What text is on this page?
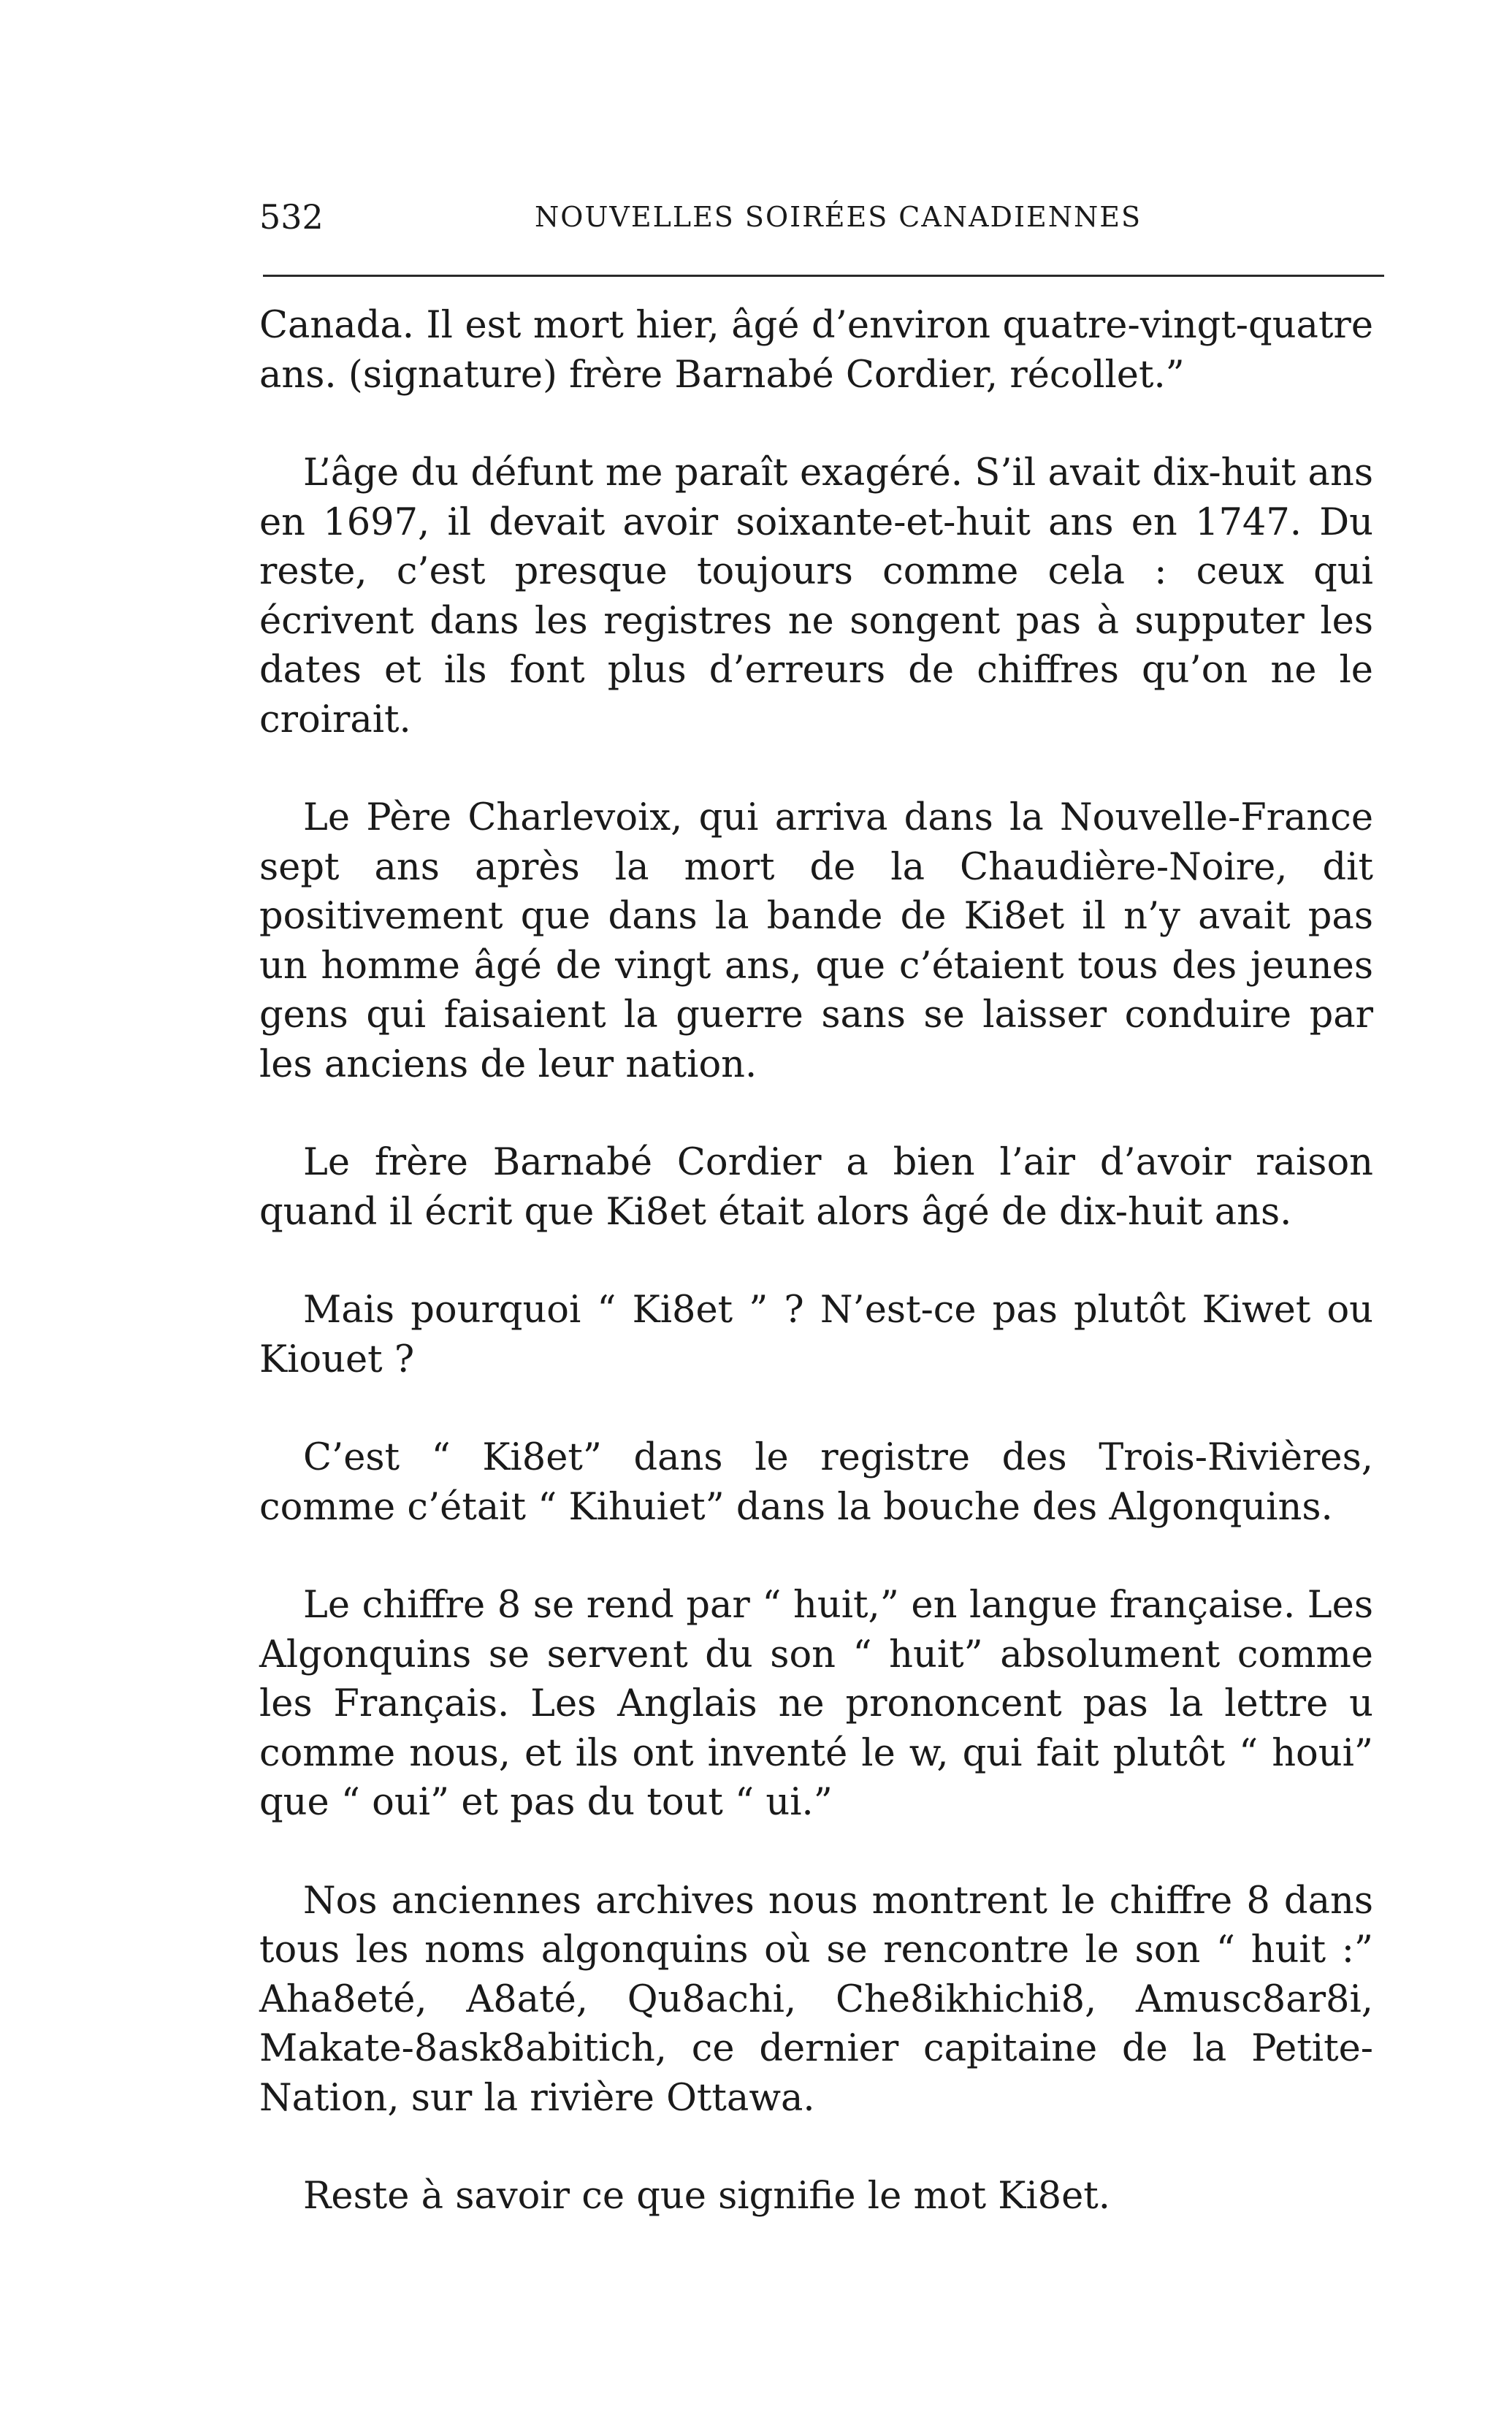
532	NOUVELLES SOIRÉES CANADIENNES

Canada. Il est mort hier, âgé d’environ quatre-vingt-quatre ans. (signature) frère Barnabé Cordier, récollet.”

L’âge du défunt me paraît exagéré. S’il avait dix-huit ans en 1697, il devait avoir soixante-et-huit ans en 1747. Du reste, c’est presque toujours comme cela : ceux qui écrivent dans les registres ne songent pas à supputer les dates et ils font plus d’erreurs de chiffres qu’on ne le croirait.

Le Père Charlevoix, qui arriva dans la Nouvelle-France sept ans après la mort de la Chaudière-Noire, dit positivement que dans la bande de Ki8et il n’y avait pas un homme âgé de vingt ans, que c’étaient tous des jeunes gens qui faisaient la guerre sans se laisser conduire par les anciens de leur nation.

Le frère Barnabé Cordier a bien l’air d’avoir raison quand il écrit que Ki8et était alors âgé de dix-huit ans.

Mais pourquoi “ Ki8et ” ? N’est-ce pas plutôt Kiwet ou Kiouet ?

C’est “ Ki8et” dans le registre des Trois-Rivières, comme c’était “ Kihuiet” dans la bouche des Algonquins.

Le chiffre 8 se rend par “ huit,” en langue française. Les Algonquins se servent du son “ huit” absolument comme les Français. Les Anglais ne prononcent pas la lettre u comme nous, et ils ont inventé le w, qui fait plutôt “ houi” que “ oui” et pas du tout “ ui.”

Nos anciennes archives nous montrent le chiffre 8 dans tous les noms algonquins où se rencontre le son “ huit :” Aha8eté, A8até, Qu8achi, Che8ikhichi8, Amusc8ar8i, Makate-8ask8abitich, ce dernier capitaine de la Petite-Nation, sur la rivière Ottawa.

Reste à savoir ce que signifie le mot Ki8et.
